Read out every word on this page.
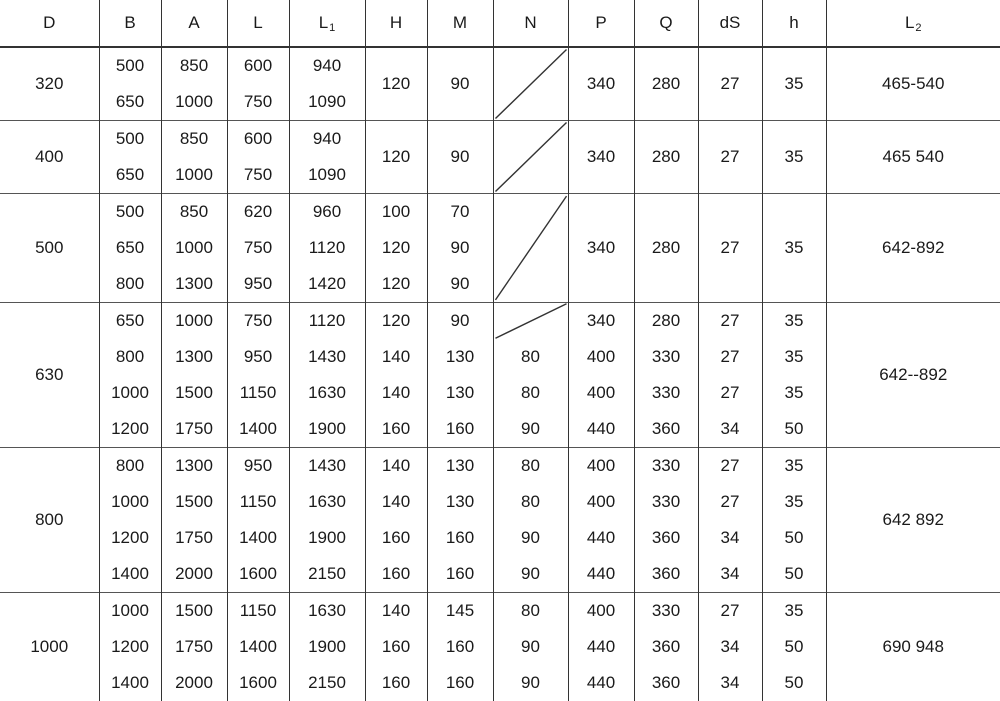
D	B	A	L	$L_1$	H	M	N	P	Q	dS	h	$L_2$
320	500	850	600	940	120	90		340	280	27	35	465-540
	650	1000	750	1090								
400	500	850	600	940	120	90		340	280	27	35	465 540
	650	1000	750	1090								
500	500	850	620	960	100	70		340	280	27	35	642-892
	650	1000	750	1120	120	90						
	800	1300	950	1420	120	90						
630	650	1000	750	1120	120	90		340	280	27	35	642--892
	800	1300	950	1430	140	130	80	400	330	27	35	
	1000	1500	1150	1630	140	130	80	400	330	27	35	
	1200	1750	1400	1900	160	160	90	440	360	34	50	
800	800	1300	950	1430	140	130	80	400	330	27	35	642 892
	1000	1500	1150	1630	140	130	80	400	330	27	35	
	1200	1750	1400	1900	160	160	90	440	360	34	50	
	1400	2000	1600	2150	160	160	90	440	360	34	50	
1000	1000	1500	1150	1630	140	145	80	400	330	27	35	690 948
	1200	1750	1400	1900	160	160	90	440	360	34	50	
	1400	2000	1600	2150	160	160	90	440	360	34	50	
